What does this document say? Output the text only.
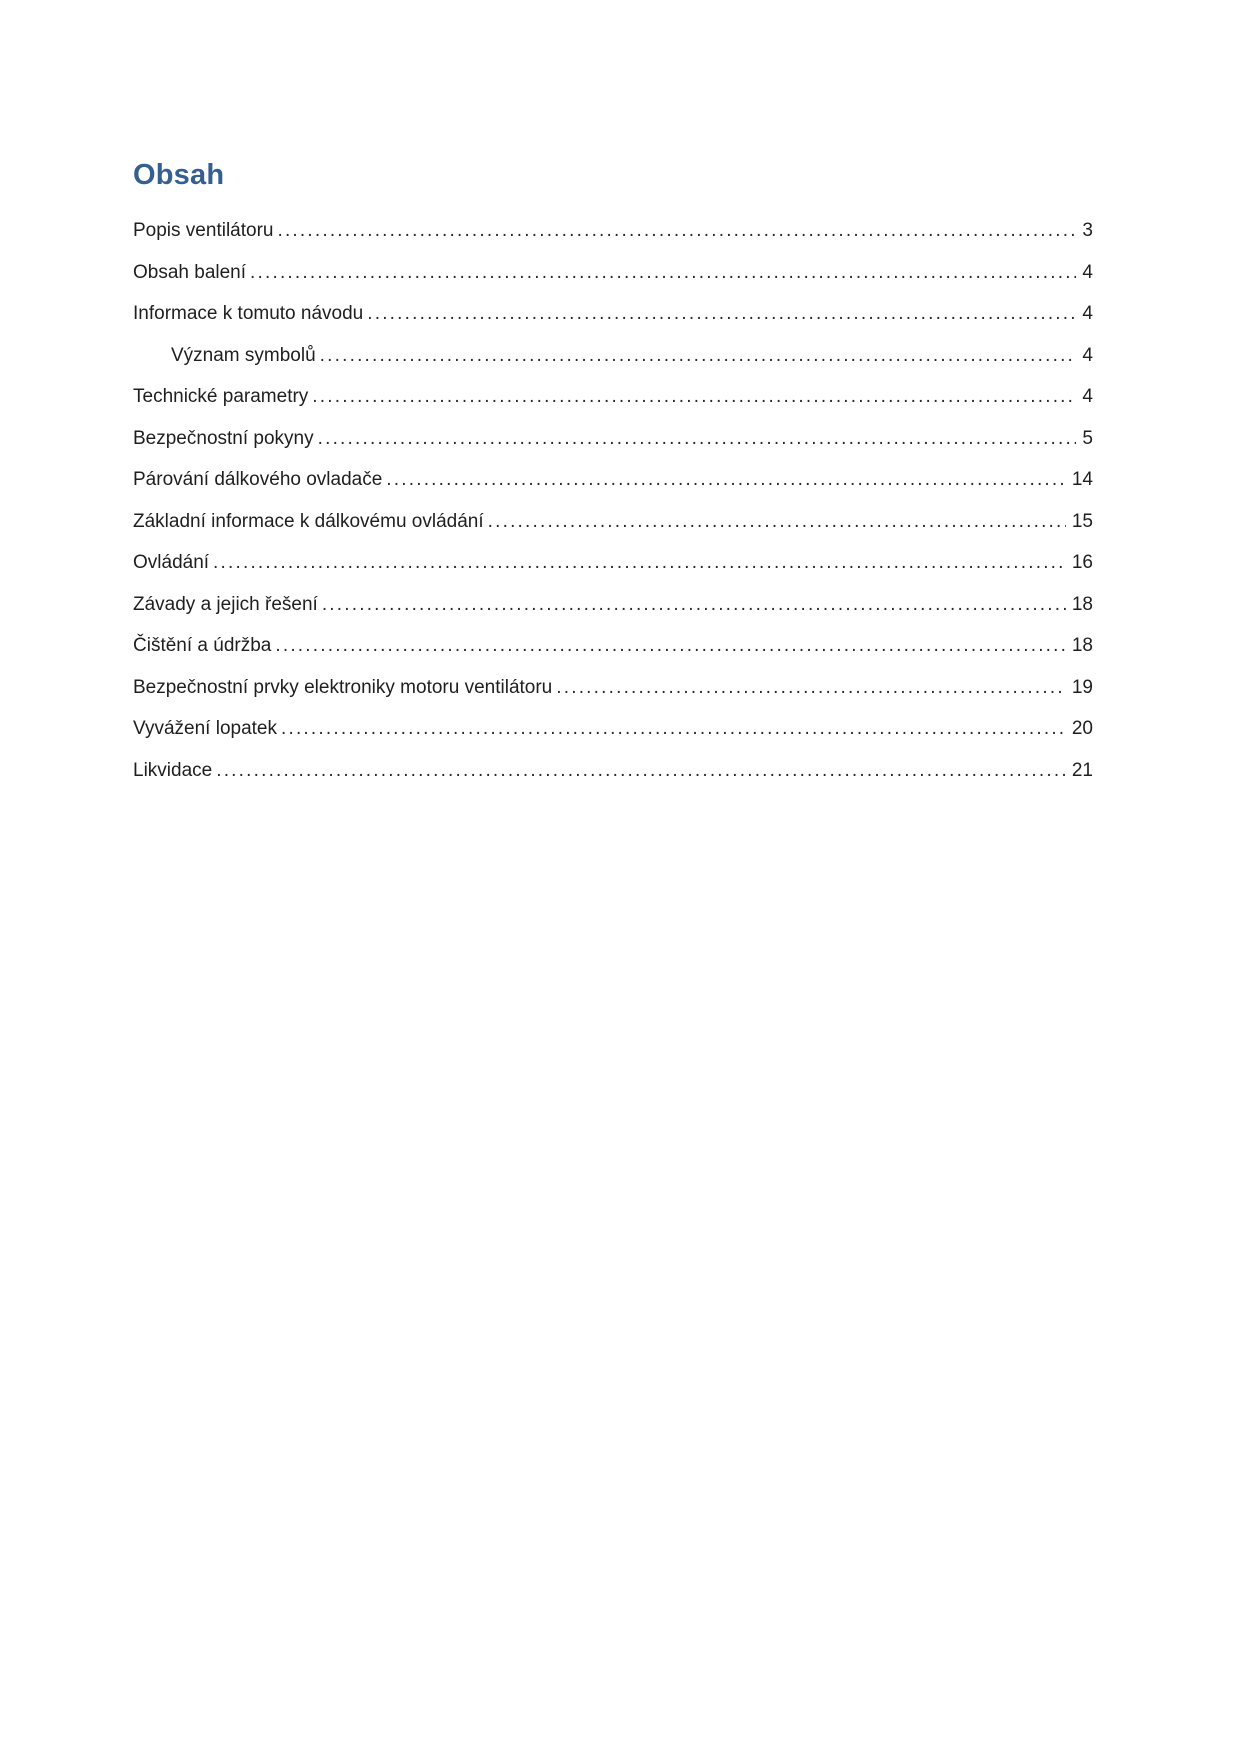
Obsah
Popis ventilátoru .....	3
Obsah balení .....	4
Informace k tomuto návodu .....	4
Význam symbolů .....	4
Technické parametry .....	4
Bezpečnostní pokyny .....	5
Párování dálkového ovladače .....	14
Základní informace k dálkovému ovládání .....	15
Ovládání .....	16
Závady a jejich řešení .....	18
Čištění a údržba .....	18
Bezpečnostní prvky elektroniky motoru ventilátoru .....	19
Vyvážení lopatek .....	20
Likvidace .....	21
